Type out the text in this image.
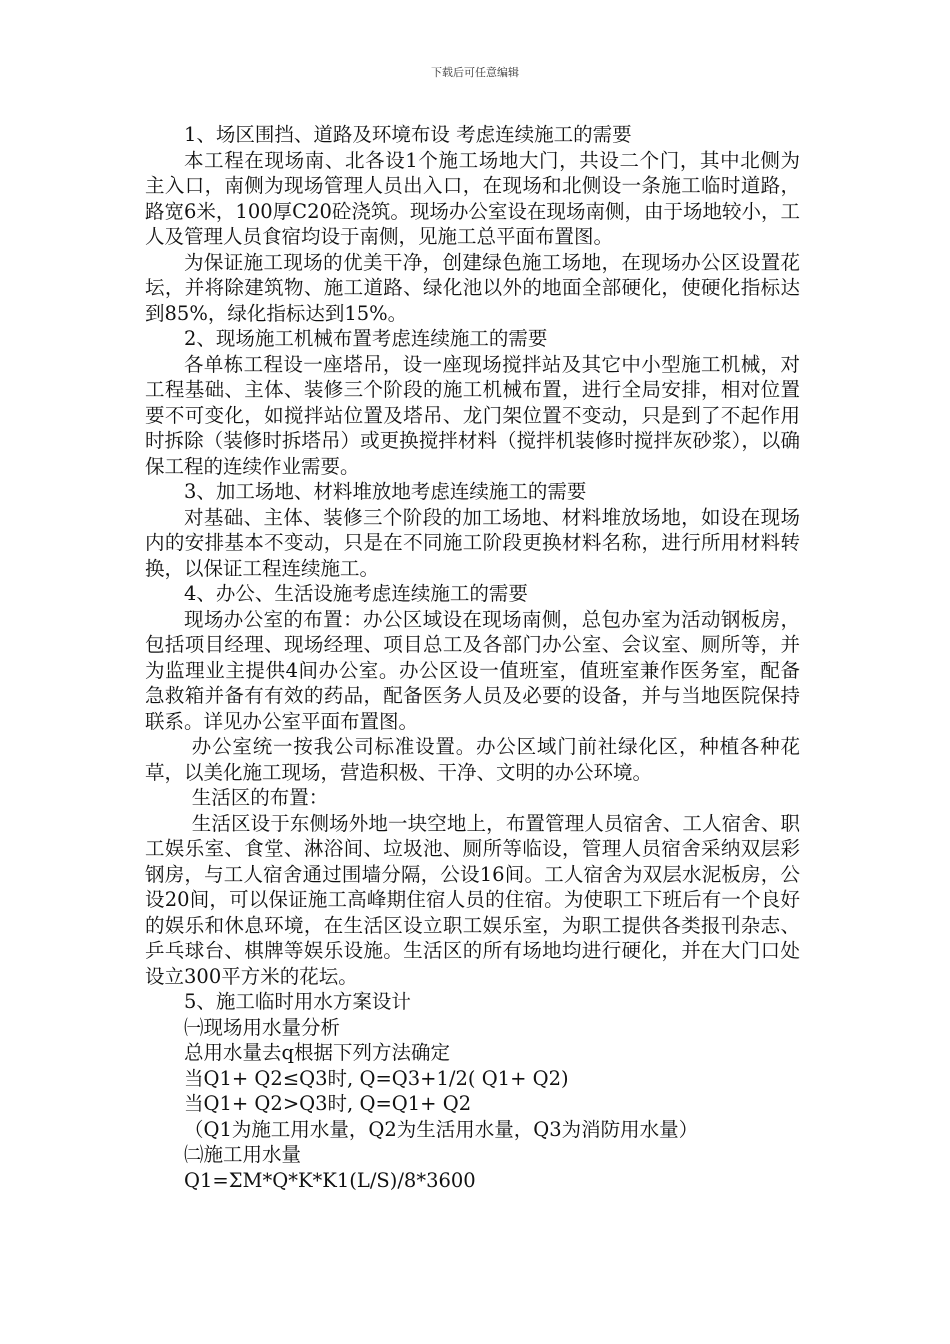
下载后可任意编辑

1、场区围挡、道路及环境布设 考虑连续施工的需要

本工程在现场南、北各设1个施工场地大门，共设二个门，其中北侧为主入口，南侧为现场管理人员出入口，在现场和北侧设一条施工临时道路，路宽6米，100厚C20砼浇筑。现场办公室设在现场南侧，由于场地较小，工人及管理人员食宿均设于南侧，见施工总平面布置图。

为保证施工现场的优美干净，创建绿色施工场地，在现场办公区设置花坛，并将除建筑物、施工道路、绿化池以外的地面全部硬化，使硬化指标达到85%，绿化指标达到15%。

2、现场施工机械布置考虑连续施工的需要

各单栋工程设一座塔吊，设一座现场搅拌站及其它中小型施工机械，对工程基础、主体、装修三个阶段的施工机械布置，进行全局安排，相对位置要不可变化，如搅拌站位置及塔吊、龙门架位置不变动，只是到了不起作用时拆除（装修时拆塔吊）或更换搅拌材料（搅拌机装修时搅拌灰砂浆），以确保工程的连续作业需要。

3、加工场地、材料堆放地考虑连续施工的需要

对基础、主体、装修三个阶段的加工场地、材料堆放场地，如设在现场内的安排基本不变动，只是在不同施工阶段更换材料名称，进行所用材料转换，以保证工程连续施工。

4、办公、生活设施考虑连续施工的需要

现场办公室的布置：办公区域设在现场南侧，总包办室为活动钢板房，包括项目经理、现场经理、项目总工及各部门办公室、会议室、厕所等，并为监理业主提供4间办公室。办公区设一值班室，值班室兼作医务室，配备急救箱并备有有效的药品，配备医务人员及必要的设备，并与当地医院保持联系。详见办公室平面布置图。

办公室统一按我公司标准设置。办公区域门前社绿化区，种植各种花草，以美化施工现场，营造积极、干净、文明的办公环境。

生活区的布置：

生活区设于东侧场外地一块空地上，布置管理人员宿舍、工人宿舍、职工娱乐室、食堂、淋浴间、垃圾池、厕所等临设，管理人员宿舍采纳双层彩钢房，与工人宿舍通过围墙分隔，公设16间。工人宿舍为双层水泥板房，公设20间，可以保证施工高峰期住宿人员的住宿。为使职工下班后有一个良好的娱乐和休息环境，在生活区设立职工娱乐室，为职工提供各类报刊杂志、乒乓球台、棋牌等娱乐设施。生活区的所有场地均进行硬化，并在大门口处设立300平方米的花坛。

5、施工临时用水方案设计

㈠现场用水量分析

总用水量去q根据下列方法确定

当Q1+ Q2≤Q3时, Q=Q3+1/2( Q1+ Q2)

当Q1+ Q2>Q3时, Q=Q1+ Q2

（Q1为施工用水量，Q2为生活用水量，Q3为消防用水量）

㈡施工用水量

Q1=ΣM*Q*K*K1(L/S)/8*3600
